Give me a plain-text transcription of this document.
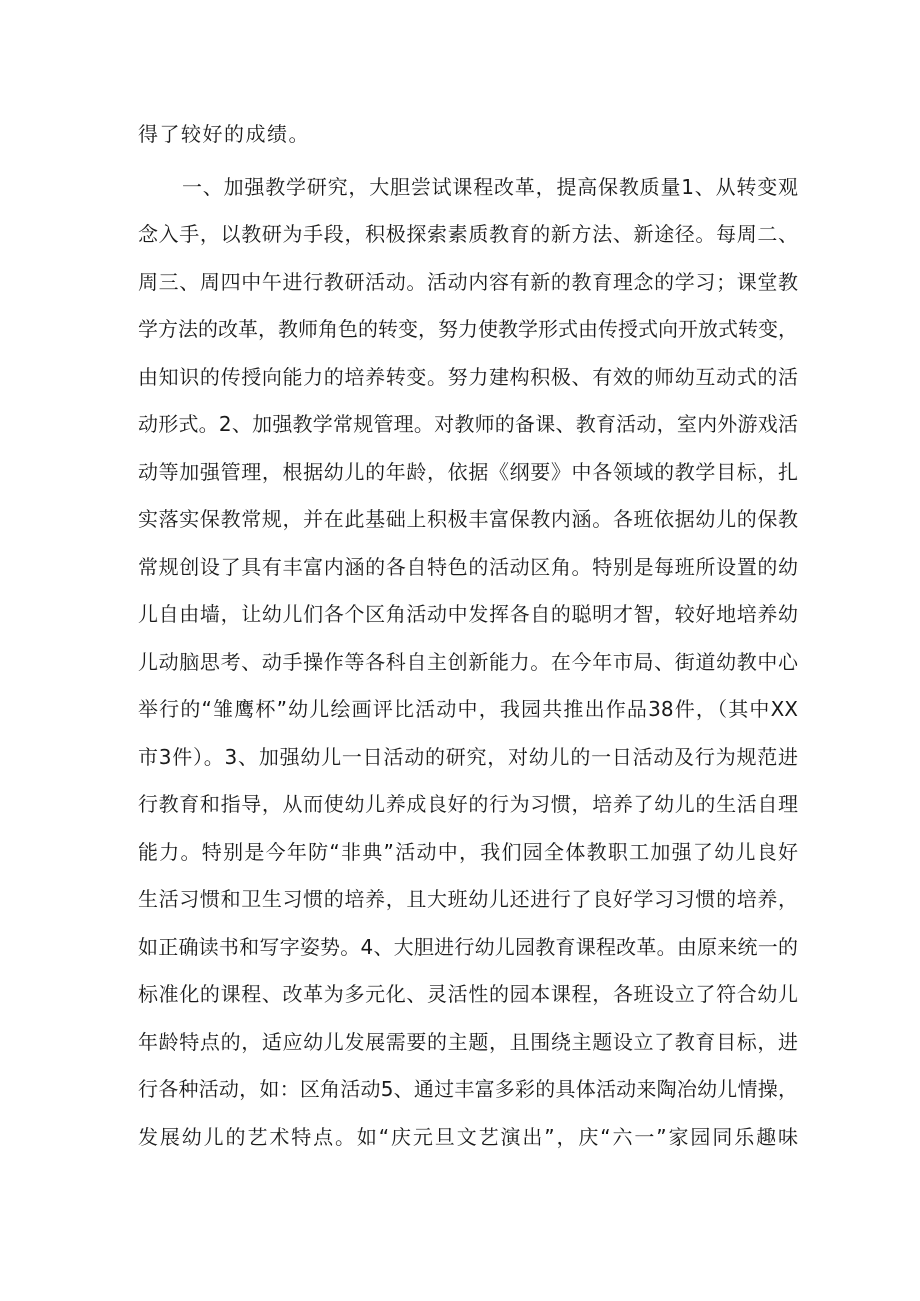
得了较好的成绩。
一、加强教学研究，大胆尝试课程改革，提高保教质量1、从转变观
念入手，以教研为手段，积极探索素质教育的新方法、新途径。每周二、
周三、周四中午进行教研活动。活动内容有新的教育理念的学习；课堂教
学方法的改革，教师角色的转变，努力使教学形式由传授式向开放式转变，
由知识的传授向能力的培养转变。努力建构积极、有效的师幼互动式的活
动形式。2、加强教学常规管理。对教师的备课、教育活动，室内外游戏活
动等加强管理，根据幼儿的年龄，依据《纲要》中各领域的教学目标，扎
实落实保教常规，并在此基础上积极丰富保教内涵。各班依据幼儿的保教
常规创设了具有丰富内涵的各自特色的活动区角。特别是每班所设置的幼
儿自由墙，让幼儿们各个区角活动中发挥各自的聪明才智，较好地培养幼
儿动脑思考、动手操作等各科自主创新能力。在今年市局、街道幼教中心
举行的“雏鹰杯”幼儿绘画评比活动中，我园共推出作品38件，（其中XX
市3件）。3、加强幼儿一日活动的研究，对幼儿的一日活动及行为规范进
行教育和指导，从而使幼儿养成良好的行为习惯，培养了幼儿的生活自理
能力。特别是今年防“非典”活动中，我们园全体教职工加强了幼儿良好
生活习惯和卫生习惯的培养，且大班幼儿还进行了良好学习习惯的培养，
如正确读书和写字姿势。4、大胆进行幼儿园教育课程改革。由原来统一的
标准化的课程、改革为多元化、灵活性的园本课程，各班设立了符合幼儿
年龄特点的，适应幼儿发展需要的主题，且围绕主题设立了教育目标，进
行各种活动，如：区角活动5、通过丰富多彩的具体活动来陶冶幼儿情操，
发展幼儿的艺术特点。如“庆元旦文艺演出”，庆“六一”家园同乐趣味
